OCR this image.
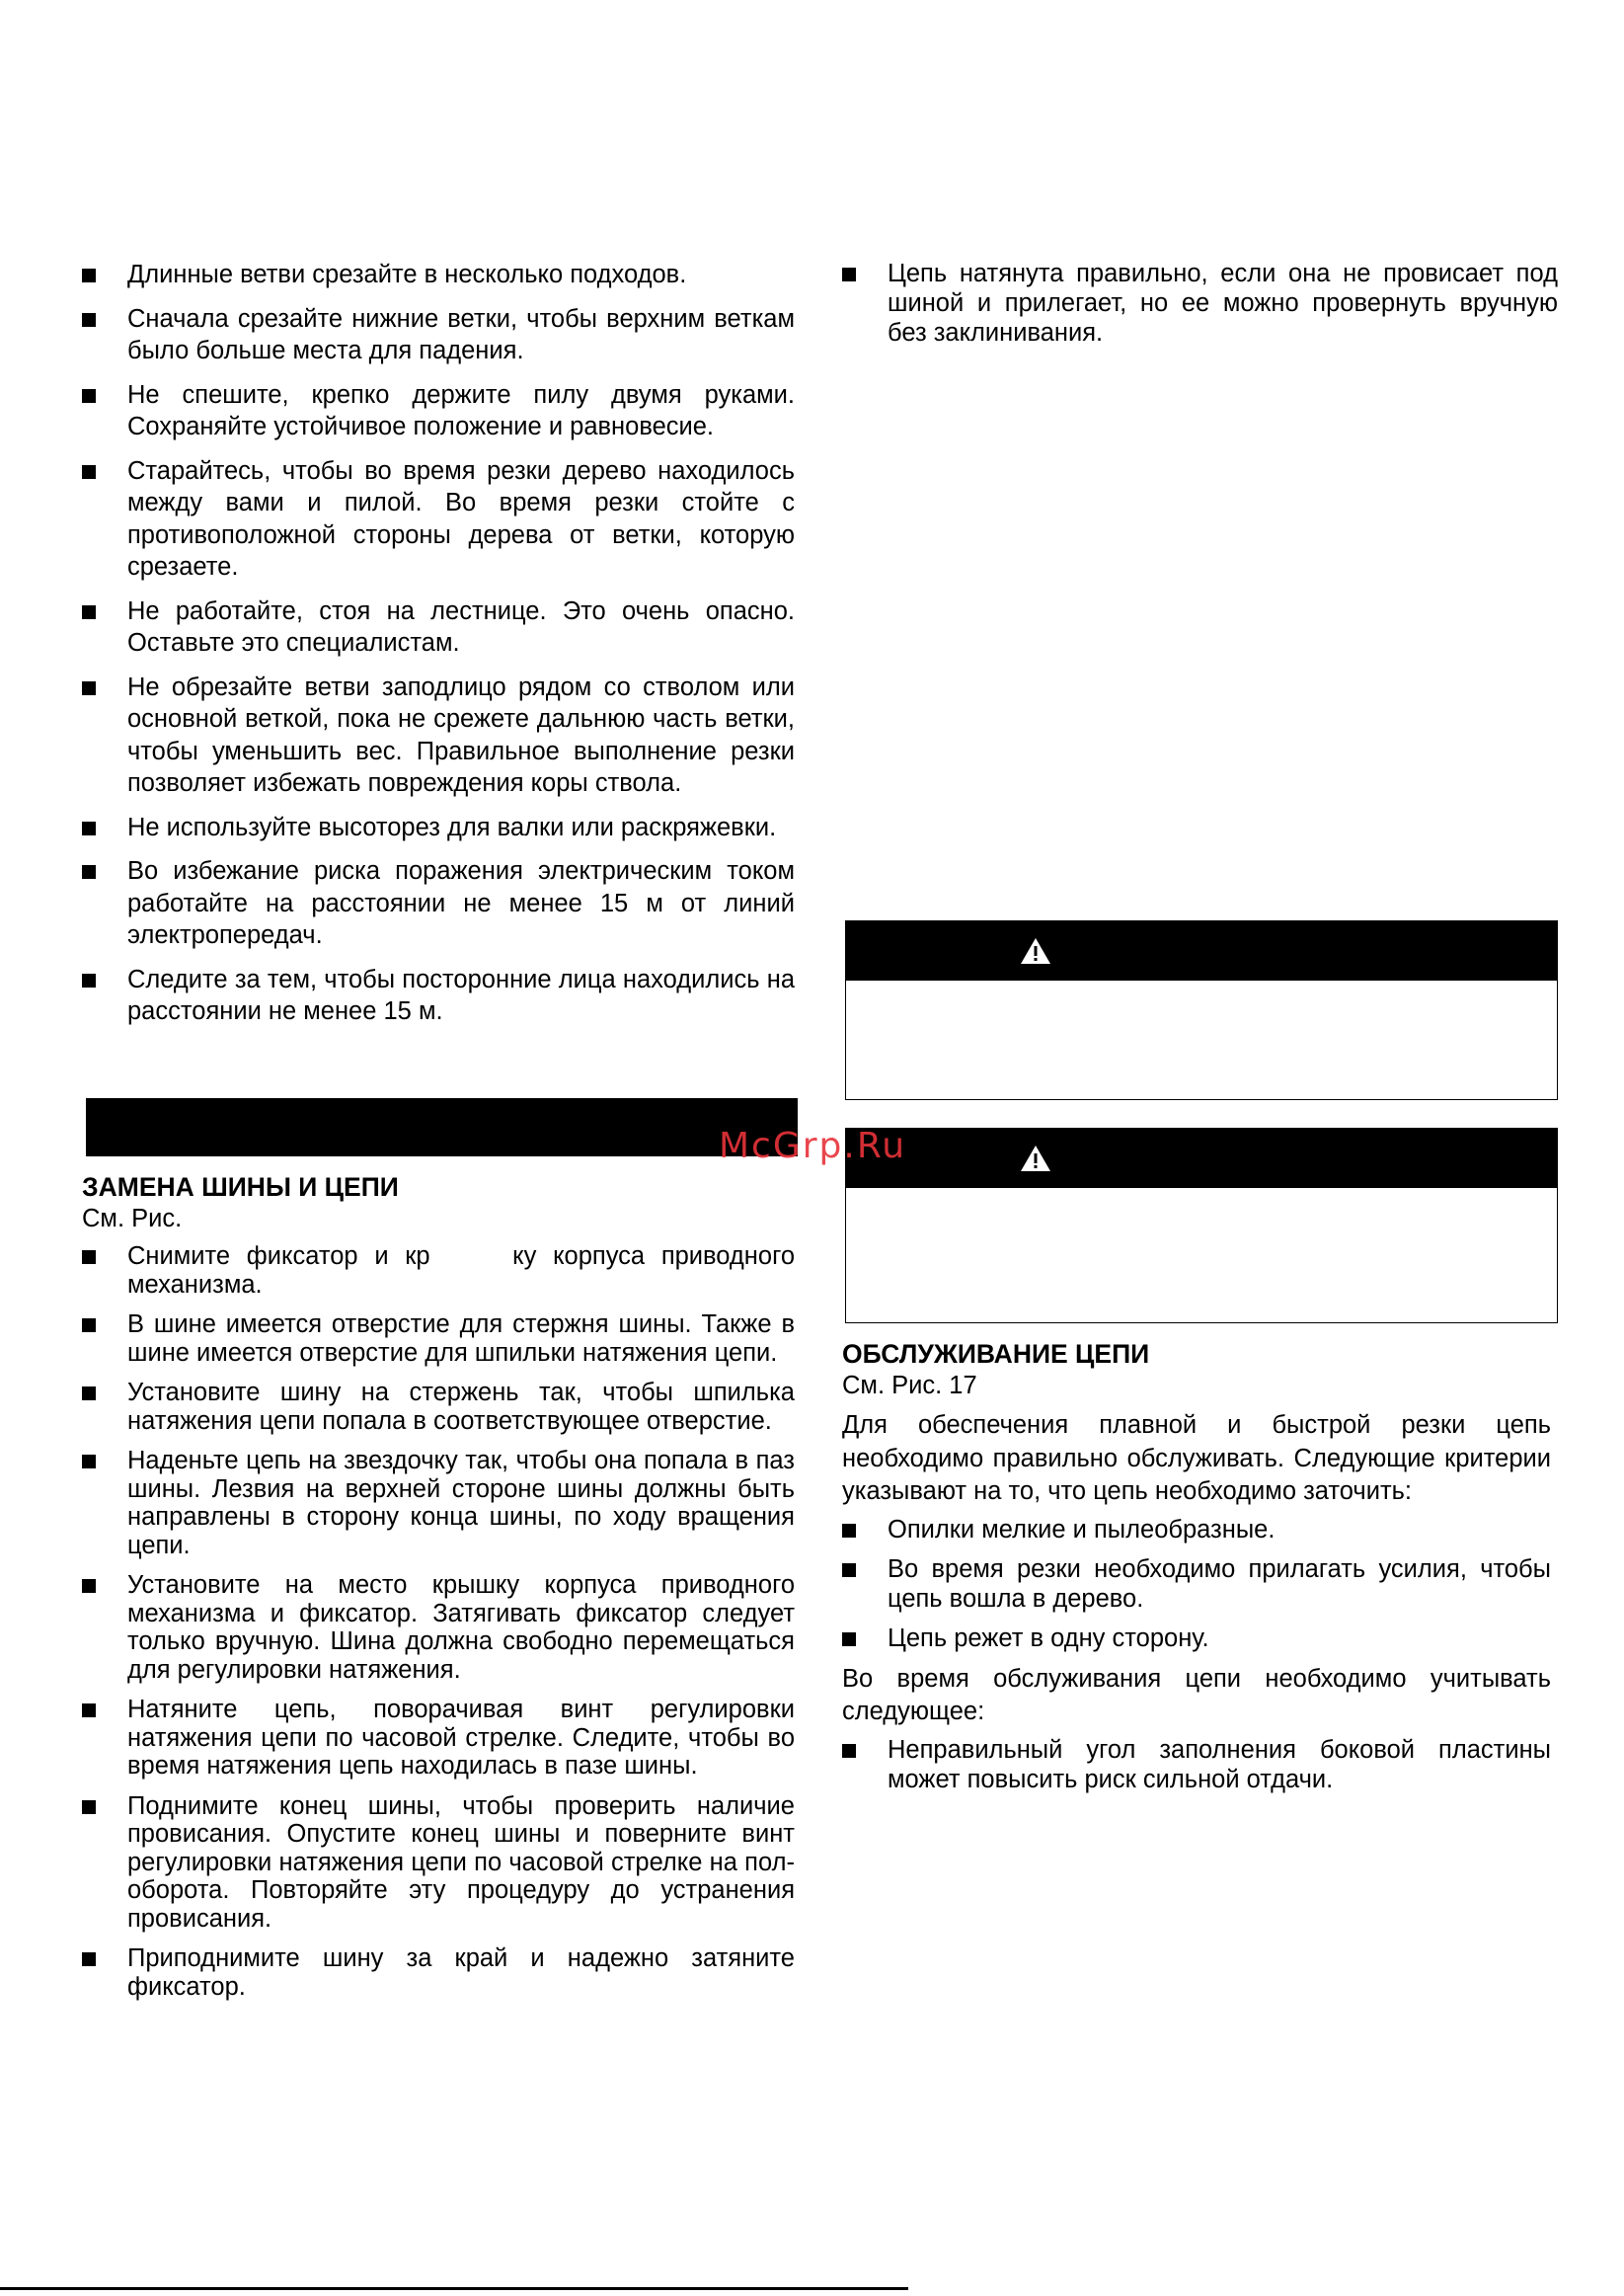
Длинные ветви срезайте в несколько подходов.
Сначала срезайте нижние ветки, чтобы верхним веткам было больше места для падения.
Не спешите, крепко держите пилу двумя руками. Сохраняйте устойчивое положение и равновесие.
Старайтесь, чтобы во время резки дерево находилось между вами и пилой. Во время резки стойте с противоположной стороны дерева от ветки, которую срезаете.
Не работайте, стоя на лестнице. Это очень опасно. Оставьте это специалистам.
Не обрезайте ветви заподлицо рядом со стволом или основной веткой, пока не срежете дальнюю часть ветки, чтобы уменьшить вес. Правильное выполнение резки позволяет избежать повреждения коры ствола.
Не используйте высоторез для валки или раскряжевки.
Во избежание риска поражения электрическим током работайте на расстоянии не менее 15 м от линий электропередач.
Следите за тем, чтобы посторонние лица находились на расстоянии не менее 15 м.
ЗАМЕНА ШИНЫ И ЦЕПИ

См. Рис.

Снимите фиксатор и кр     ку корпуса приводного механизма.
В шине имеется отверстие для стержня шины. Также в шине имеется отверстие для шпильки натяжения цепи.
Установите шину на стержень так, чтобы шпилька натяжения цепи попала в соответствующее отверстие.
Наденьте цепь на звездочку так, чтобы она попала в паз шины. Лезвия на верхней стороне шины должны быть направлены в сторону конца шины, по ходу вращения цепи.
Установите на место крышку корпуса приводного механизма и фиксатор. Затягивать фиксатор следует только вручную. Шина должна свободно перемещаться для регулировки натяжения.
Натяните цепь, поворачивая винт регулировки натяжения цепи по часовой стрелке. Следите, чтобы во время натяжения цепь находилась в пазе шины.
Поднимите конец шины, чтобы проверить наличие провисания. Опустите конец шины и поверните винт регулировки натяжения цепи по часовой стрелке на пол-оборота. Повторяйте эту процедуру до устранения провисания.
Приподнимите шину за край и надежно затяните фиксатор.
Цепь натянута правильно, если она не провисает под шиной и прилегает, но ее можно провернуть вручную без заклинивания.
ОБСЛУЖИВАНИЕ ЦЕПИ

См. Рис. 17

Для обеспечения плавной и быстрой резки цепь необходимо правильно обслуживать. Следующие критерии указывают на то, что цепь необходимо заточить:

Опилки мелкие и пылеобразные.
Во время резки необходимо прилагать усилия, чтобы цепь вошла в дерево.
Цепь режет в одну сторону.

Во время обслуживания цепи необходимо учитывать следующее:

Неправильный угол заполнения боковой пластины может повысить риск сильной отдачи.
McGrp.Ru
